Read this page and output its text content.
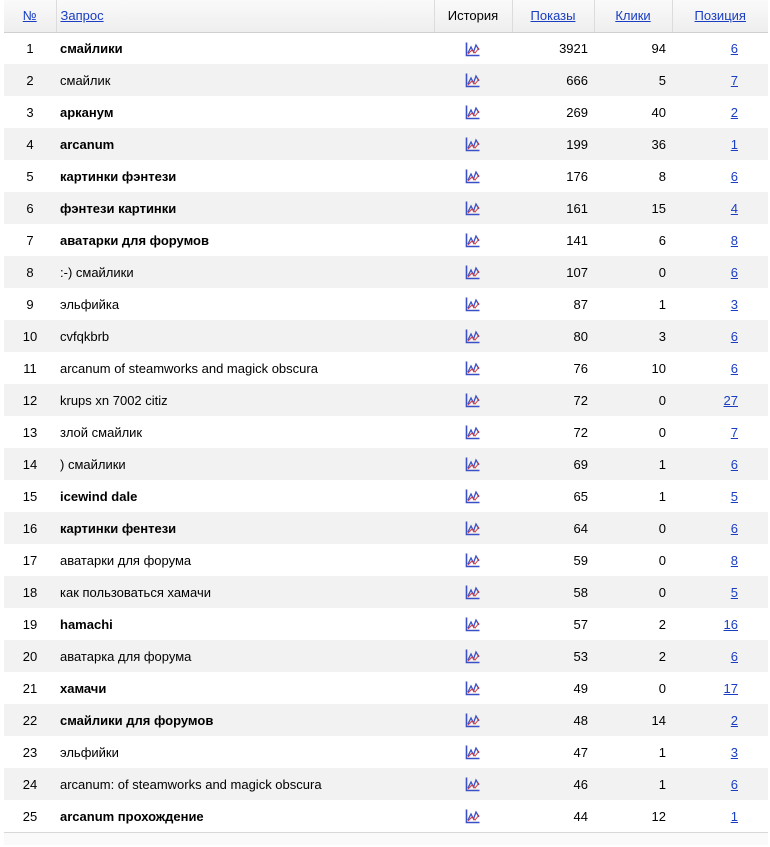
№	Запрос	История	Показы	Клики	Позиция
1	смайлики		3921	94	6
2	смайлик		666	5	7
3	арканум		269	40	2
4	arcanum		199	36	1
5	картинки фэнтези		176	8	6
6	фэнтези картинки		161	15	4
7	аватарки для форумов		141	6	8
8	:-) смайлики		107	0	6
9	эльфийка		87	1	3
10	cvfqkbrb		80	3	6
11	arcanum of steamworks and magick obscura		76	10	6
12	krups xn 7002 citiz		72	0	27
13	злой смайлик		72	0	7
14	) смайлики		69	1	6
15	icewind dale		65	1	5
16	картинки фентези		64	0	6
17	аватарки для форума		59	0	8
18	как пользоваться хамачи		58	0	5
19	hamachi		57	2	16
20	аватарка для форума		53	2	6
21	хамачи		49	0	17
22	смайлики для форумов		48	14	2
23	эльфийки		47	1	3
24	arcanum: of steamworks and magick obscura		46	1	6
25	arcanum прохождение		44	12	1
